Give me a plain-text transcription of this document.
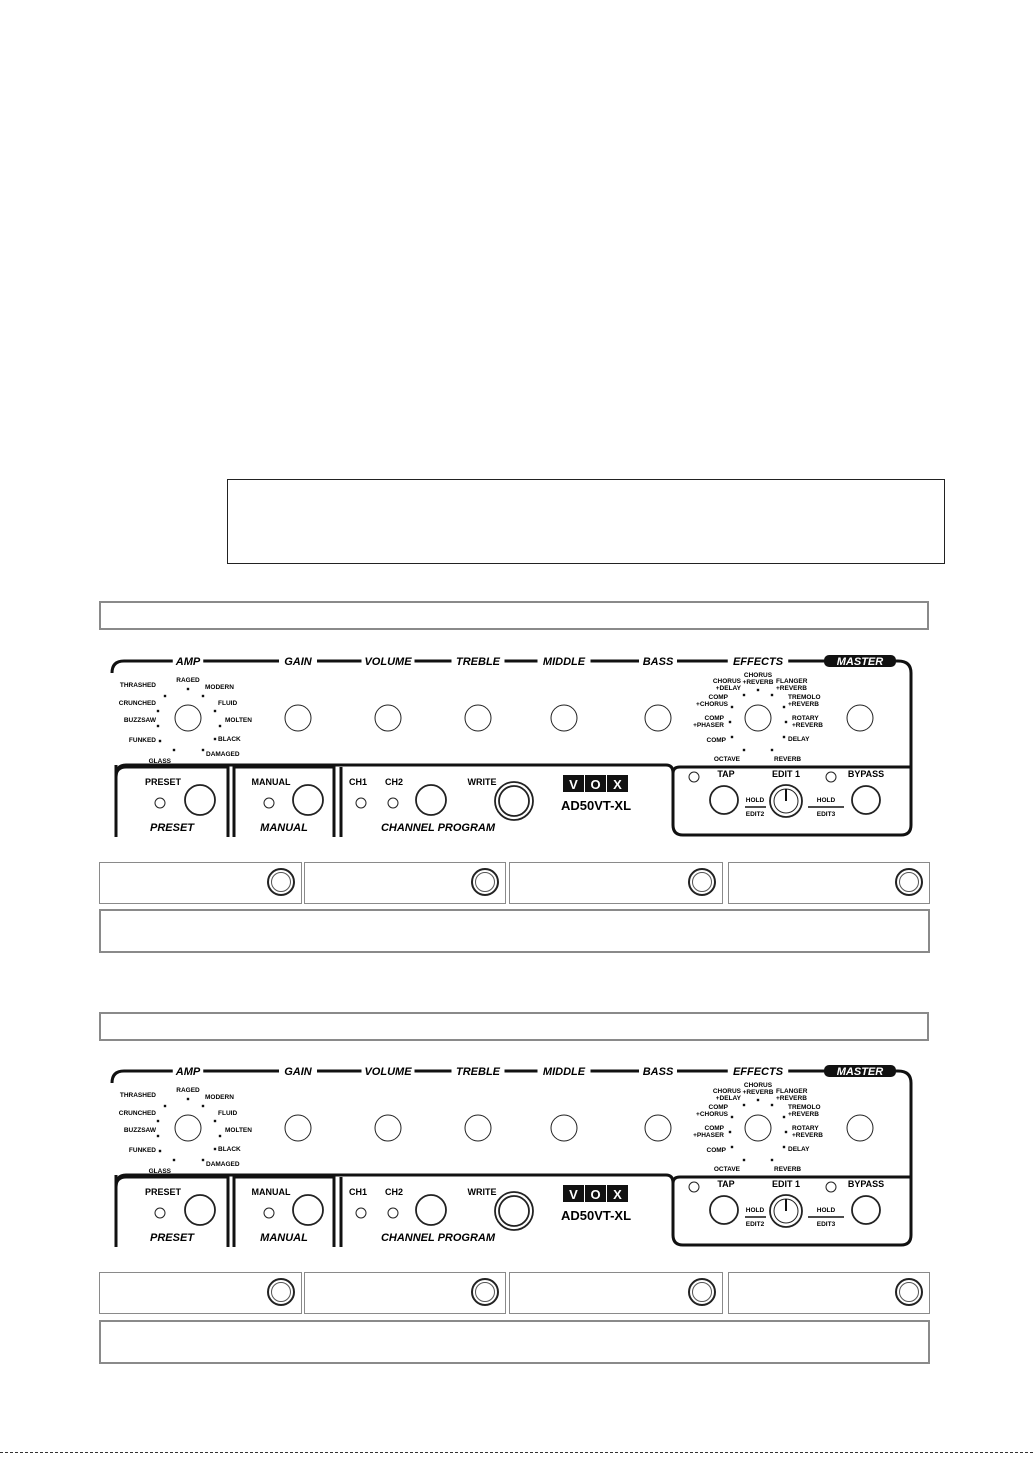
AMP	GAIN	VOLUME	TREBLE	MIDDLE	BASS	EFFECTS	MASTER
THRASHED
RAGED
MODERN
CRUNCHED	FLUID
BUZZSAW	MOLTEN
FUNKED	BLACK
GLASS
DAMAGED
CHORUS
+DELAY
CHORUS
+REVERB FLANGER
+REVERB
COMP
+CHORUS
TREMOLO
+REVERB
COMP
+PHASER
ROTARY
+REVERB
COMP	DELAY
OCTAVE	REVERB
PRESET	MANUAL	CH1 CH2	WRITE
PRESET	MANUAL	CHANNEL PROGRAM
V O X
AD50VT-XL
TAP
HOLD
EDIT2
EDIT 1
HOLD
EDIT3
BYPASS
AMP	GAIN	VOLUME	TREBLE	MIDDLE	BASS	EFFECTS	MASTER
THRASHED
RAGED
MODERN
CRUNCHED	FLUID
BUZZSAW	MOLTEN
FUNKED	BLACK
GLASS
DAMAGED
CHORUS
+DELAY
CHORUS
+REVERB FLANGER
+REVERB
COMP
+CHORUS
TREMOLO
+REVERB
COMP
+PHASER
ROTARY
+REVERB
COMP	DELAY
OCTAVE	REVERB
PRESET	MANUAL	CH1 CH2	WRITE
PRESET	MANUAL	CHANNEL PROGRAM
V O X
AD50VT-XL
TAP
HOLD
EDIT2
EDIT 1
HOLD
EDIT3
BYPASS
